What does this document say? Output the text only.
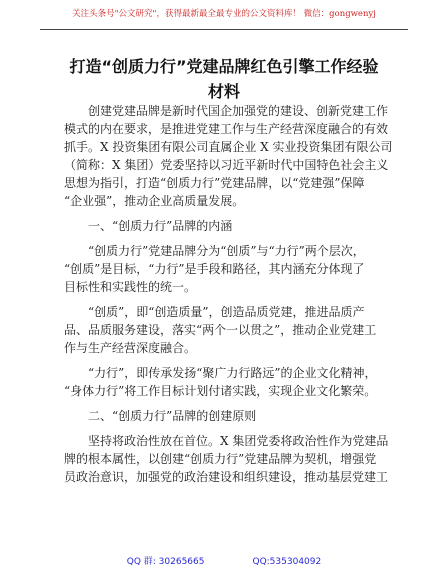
关注头条号"公文研究"，获得最新最全最专业的公文资料库！ 微信：gongwenyj
打造“创质力行”党建品牌红色引擎工作经验
材料
　　创建党建品牌是新时代国企加强党的建设、创新党建工作
模式的内在要求，是推进党建工作与生产经营深度融合的有效
抓手。X 投资集团有限公司直属企业 X 实业投资集团有限公司
（简称：X 集团）党委坚持以习近平新时代中国特色社会主义
思想为指引，打造“创质力行”党建品牌，以“党建强”保障
“企业强”，推动企业高质量发展。
　　一、“创质力行”品牌的内涵
　　“创质力行”党建品牌分为“创质”与“力行”两个层次，
“创质”是目标，“力行”是手段和路径，其内涵充分体现了
目标性和实践性的统一。
　　“创质”，即“创造质量”，创造品质党建，推进品质产
品、品质服务建设，落实“两个一以贯之”，推动企业党建工
作与生产经营深度融合。
　　“力行”，即传承发扬“聚广力行路远”的企业文化精神，
“身体力行”将工作目标计划付诸实践，实现企业文化繁荣。
　　二、“创质力行”品牌的创建原则
　　坚持将政治性放在首位。X 集团党委将政治性作为党建品
牌的根本属性，以创建“创质力行”党建品牌为契机，增强党
员政治意识，加强党的政治建设和组织建设，推动基层党建工
QQ 群: 30265665	QQ:535304092
